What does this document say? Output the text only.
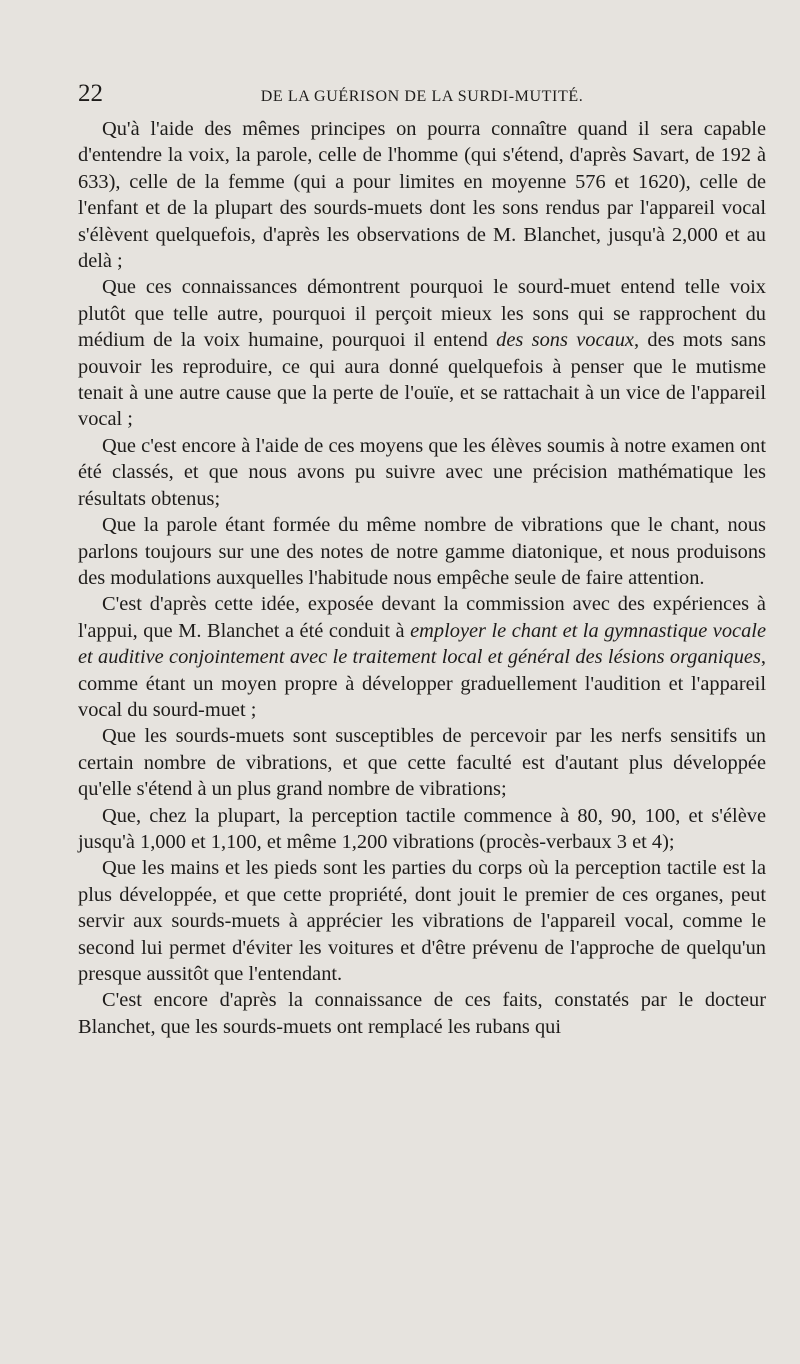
22	DE LA GUÉRISON DE LA SURDI-MUTITÉ.

Qu'à l'aide des mêmes principes on pourra connaître quand il sera capable d'entendre la voix, la parole, celle de l'homme (qui s'étend, d'après Savart, de 192 à 633), celle de la femme (qui a pour limites en moyenne 576 et 1620), celle de l'enfant et de la plupart des sourds-muets dont les sons rendus par l'appareil vocal s'élèvent quelquefois, d'après les observations de M. Blanchet, jusqu'à 2,000 et au delà ;

Que ces connaissances démontrent pourquoi le sourd-muet entend telle voix plutôt que telle autre, pourquoi il perçoit mieux les sons qui se rapprochent du médium de la voix humaine, pourquoi il entend des sons vocaux, des mots sans pouvoir les reproduire, ce qui aura donné quelquefois à penser que le mutisme tenait à une autre cause que la perte de l'ouïe, et se rattachait à un vice de l'appareil vocal ;

Que c'est encore à l'aide de ces moyens que les élèves soumis à notre examen ont été classés, et que nous avons pu suivre avec une précision mathématique les résultats obtenus;

Que la parole étant formée du même nombre de vibrations que le chant, nous parlons toujours sur une des notes de notre gamme diatonique, et nous produisons des modulations auxquelles l'habitude nous empêche seule de faire attention.

C'est d'après cette idée, exposée devant la commission avec des expériences à l'appui, que M. Blanchet a été conduit à employer le chant et la gymnastique vocale et auditive conjointement avec le traitement local et général des lésions organiques, comme étant un moyen propre à développer graduellement l'audition et l'appareil vocal du sourd-muet ;

Que les sourds-muets sont susceptibles de percevoir par les nerfs sensitifs un certain nombre de vibrations, et que cette faculté est d'autant plus développée qu'elle s'étend à un plus grand nombre de vibrations;

Que, chez la plupart, la perception tactile commence à 80, 90, 100, et s'élève jusqu'à 1,000 et 1,100, et même 1,200 vibrations (procès-verbaux 3 et 4);

Que les mains et les pieds sont les parties du corps où la perception tactile est la plus développée, et que cette propriété, dont jouit le premier de ces organes, peut servir aux sourds-muets à apprécier les vibrations de l'appareil vocal, comme le second lui permet d'éviter les voitures et d'être prévenu de l'approche de quelqu'un presque aussitôt que l'entendant.

C'est encore d'après la connaissance de ces faits, constatés par le docteur Blanchet, que les sourds-muets ont remplacé les rubans qui
